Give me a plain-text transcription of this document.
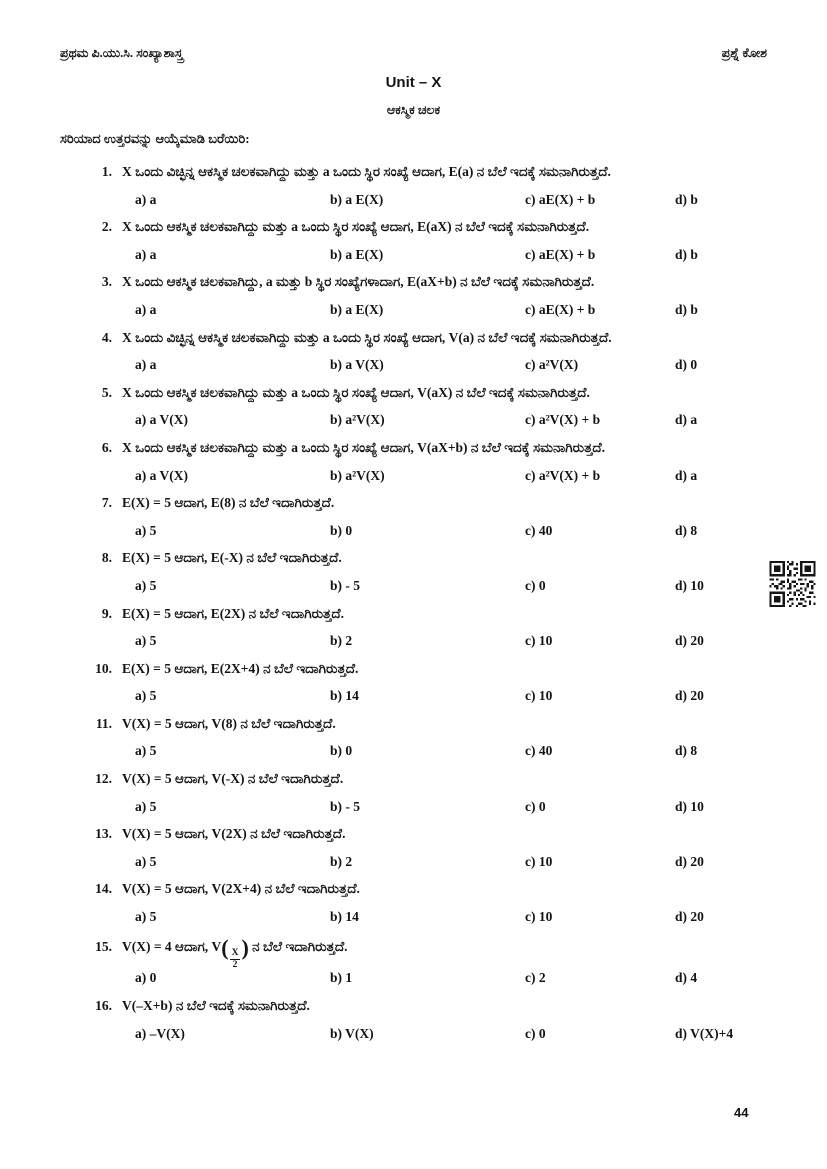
ಪ್ರಥಮ ಪಿ.ಯು.ಸಿ. ಸಂಖ್ಯಾಶಾಸ್ತ್ರ	ಪ್ರಶ್ನೆ ಕೋಶ
Unit – X
ಆಕಸ್ಮಿಕ ಚಲಕ

ಸರಿಯಾದ ಉತ್ತರವನ್ನು ಆಯ್ಕೆಮಾಡಿ ಬರೆಯಿರಿ:

1. X ಒಂದು ವಿಚ್ಛಿನ್ನ ಆಕಸ್ಮಿಕ ಚಲಕವಾಗಿದ್ದು ಮತ್ತು a ಒಂದು ಸ್ಥಿರ ಸಂಖ್ಯೆ ಆದಾಗ, E(a) ನ ಬೆಲೆ ಇದಕ್ಕೆ ಸಮನಾಗಿರುತ್ತದೆ.
a) a	b) a E(X)	c) aE(X) + b	d) b
2. X ಒಂದು ಆಕಸ್ಮಿಕ ಚಲಕವಾಗಿದ್ದು ಮತ್ತು a ಒಂದು ಸ್ಥಿರ ಸಂಖ್ಯೆ ಆದಾಗ, E(aX) ನ ಬೆಲೆ ಇದಕ್ಕೆ ಸಮನಾಗಿರುತ್ತದೆ.
a) a	b) a E(X)	c) aE(X) + b	d) b
3. X ಒಂದು ಆಕಸ್ಮಿಕ ಚಲಕವಾಗಿದ್ದು, a ಮತ್ತು b ಸ್ಥಿರ ಸಂಖ್ಯೆಗಳಾದಾಗ, E(aX+b) ನ ಬೆಲೆ ಇದಕ್ಕೆ ಸಮನಾಗಿರುತ್ತದೆ.
a) a	b) a E(X)	c) aE(X) + b	d) b
4. X ಒಂದು ವಿಚ್ಛಿನ್ನ ಆಕಸ್ಮಿಕ ಚಲಕವಾಗಿದ್ದು ಮತ್ತು a ಒಂದು ಸ್ಥಿರ ಸಂಖ್ಯೆ ಆದಾಗ, V(a) ನ ಬೆಲೆ ಇದಕ್ಕೆ ಸಮನಾಗಿರುತ್ತದೆ.
a) a	b) a V(X)	c) a²V(X)	d) 0
5. X ಒಂದು ಆಕಸ್ಮಿಕ ಚಲಕವಾಗಿದ್ದು ಮತ್ತು a ಒಂದು ಸ್ಥಿರ ಸಂಖ್ಯೆ ಆದಾಗ, V(aX) ನ ಬೆಲೆ ಇದಕ್ಕೆ ಸಮನಾಗಿರುತ್ತದೆ.
a) a V(X)	b) a²V(X)	c) a²V(X) + b	d) a
6. X ಒಂದು ಆಕಸ್ಮಿಕ ಚಲಕವಾಗಿದ್ದು ಮತ್ತು a ಒಂದು ಸ್ಥಿರ ಸಂಖ್ಯೆ ಆದಾಗ, V(aX+b) ನ ಬೆಲೆ ಇದಕ್ಕೆ ಸಮನಾಗಿರುತ್ತದೆ.
a) a V(X)	b) a²V(X)	c) a²V(X) + b	d) a
7. E(X) = 5 ಆದಾಗ, E(8) ನ ಬೆಲೆ ಇದಾಗಿರುತ್ತದೆ.
a) 5	b) 0	c) 40	d) 8
8. E(X) = 5 ಆದಾಗ, E(-X) ನ ಬೆಲೆ ಇದಾಗಿರುತ್ತದೆ.
a) 5	b) - 5	c) 0	d) 10
9. E(X) = 5 ಆದಾಗ, E(2X) ನ ಬೆಲೆ ಇದಾಗಿರುತ್ತದೆ.
a) 5	b) 2	c) 10	d) 20
10. E(X) = 5 ಆದಾಗ, E(2X+4) ನ ಬೆಲೆ ಇದಾಗಿರುತ್ತದೆ.
a) 5	b) 14	c) 10	d) 20
11. V(X) = 5 ಆದಾಗ, V(8) ನ ಬೆಲೆ ಇದಾಗಿರುತ್ತದೆ.
a) 5	b) 0	c) 40	d) 8
12. V(X) = 5 ಆದಾಗ, V(-X) ನ ಬೆಲೆ ಇದಾಗಿರುತ್ತದೆ.
a) 5	b) - 5	c) 0	d) 10
13. V(X) = 5 ಆದಾಗ, V(2X) ನ ಬೆಲೆ ಇದಾಗಿರುತ್ತದೆ.
a) 5	b) 2	c) 10	d) 20
14. V(X) = 5 ಆದಾಗ, V(2X+4) ನ ಬೆಲೆ ಇದಾಗಿರುತ್ತದೆ.
a) 5	b) 14	c) 10	d) 20
15. V(X) = 4 ಆದಾಗ, $V( \frac{X}{2}$ ) ನ ಬೆಲೆ ಇದಾಗಿರುತ್ತದೆ.
a) 0	b) 1	c) 2	d) 4
16. V(–X+b) ನ ಬೆಲೆ ಇದಕ್ಕೆ ಸಮನಾಗಿರುತ್ತದೆ.
a) –V(X)	b) V(X)	c) 0	d) V(X)+4
44
